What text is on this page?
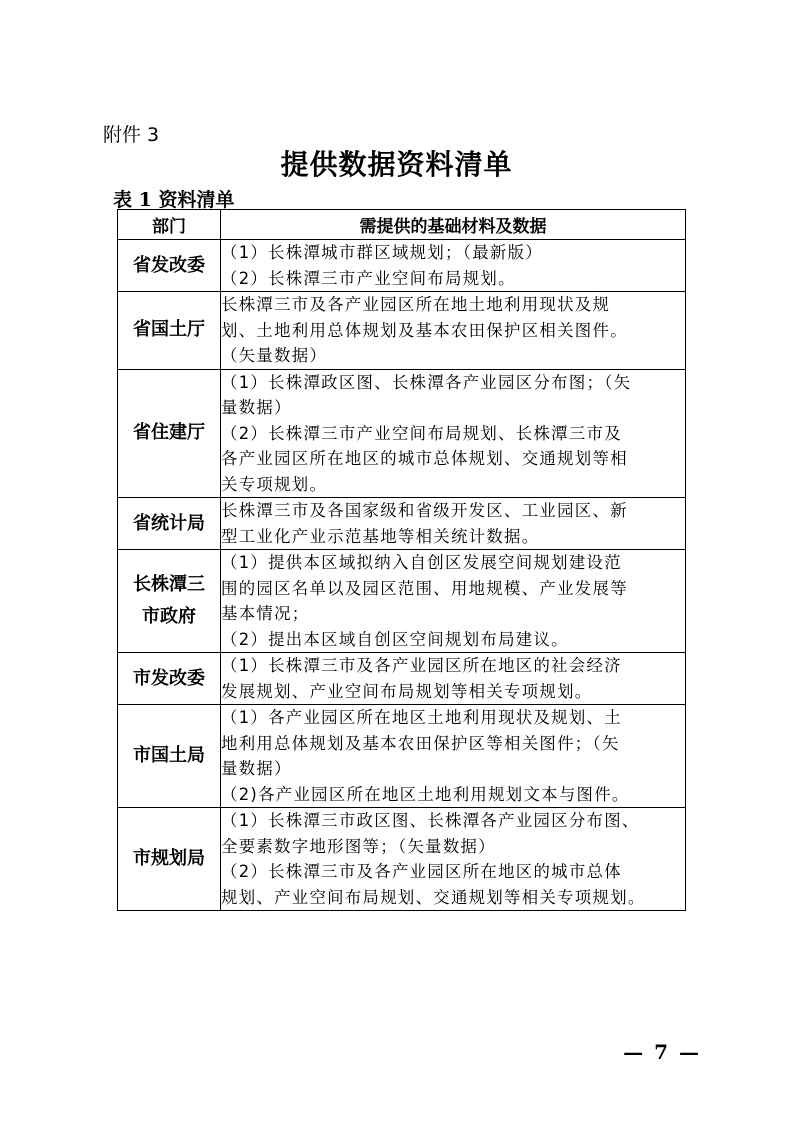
附件 3
提供数据资料清单
表 1 资料清单
部门	需提供的基础材料及数据
省发改委	（1）长株潭城市群区域规划；（最新版）
（2）长株潭三市产业空间布局规划。

省国土厅	长株潭三市及各产业园区所在地土地利用现状及规
划、土地利用总体规划及基本农田保护区相关图件。
（矢量数据）

省住建厅	（1）长株潭政区图、长株潭各产业园区分布图；（矢
量数据）
（2）长株潭三市产业空间布局规划、长株潭三市及
各产业园区所在地区的城市总体规划、交通规划等相
关专项规划。

省统计局	长株潭三市及各国家级和省级开发区、工业园区、新
型工业化产业示范基地等相关统计数据。

长株潭三市政府	（1）提供本区域拟纳入自创区发展空间规划建设范
围的园区名单以及园区范围、用地规模、产业发展等
基本情况；
（2）提出本区域自创区空间规划布局建议。

市发改委	（1）长株潭三市及各产业园区所在地区的社会经济
发展规划、产业空间布局规划等相关专项规划。

市国土局	（1）各产业园区所在地区土地利用现状及规划、土
地利用总体规划及基本农田保护区等相关图件；（矢
量数据）
（2)各产业园区所在地区土地利用规划文本与图件。

市规划局	（1）长株潭三市政区图、长株潭各产业园区分布图、
全要素数字地形图等；（矢量数据）
（2）长株潭三市及各产业园区所在地区的城市总体
规划、产业空间布局规划、交通规划等相关专项规划。
— 7 —
